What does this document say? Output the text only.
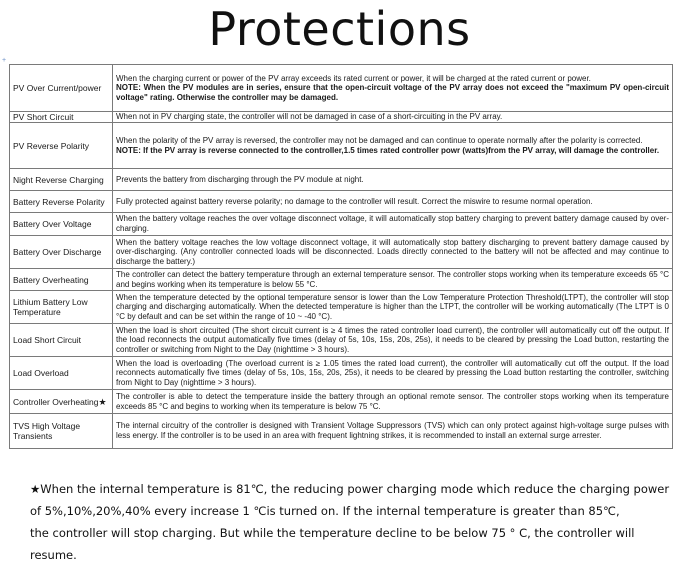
Protections
+
PV Over Current/power	When the charging current or power of the PV array exceeds its rated current or power, it will be charged at the rated current or power.
NOTE: When the PV modules are in series, ensure that the open-circuit voltage of the PV array does not exceed the "maximum PV open-circuit voltage" rating. Otherwise the controller may be damaged.

PV Short Circuit	When not in PV charging state, the controller will not be damaged in case of a short-circuiting in the PV array.
PV Reverse Polarity	When the polarity of the PV array is reversed, the controller may not be damaged and can continue to operate normally after the polarity is corrected.
NOTE: If the PV array is reverse connected to the controller,1.5 times rated controller powr (watts)from the PV array, will damage the controller.

Night Reverse Charging	Prevents the battery from discharging through the PV module at night.
Battery Reverse Polarity	Fully protected against battery reverse polarity; no damage to the controller will result. Correct the miswire to resume normal operation.
Battery Over Voltage	When the battery voltage reaches the over voltage disconnect voltage, it will automatically stop battery charging to prevent battery damage caused by over-charging.
Battery Over Discharge	When the battery voltage reaches the low voltage disconnect voltage, it will automatically stop battery discharging to prevent battery damage caused by over-discharging. (Any controller connected loads will be disconnected. Loads directly connected to the battery will not be affected and may continue to discharge the battery.)
Battery Overheating	The controller can detect the battery temperature through an external temperature sensor. The controller stops working when its temperature exceeds 65 °C and begins working when its temperature is below 55 °C.
Lithium Battery Low Temperature	When the temperature detected by the optional temperature sensor is lower than the Low Temperature Protection Threshold(LTPT), the controller will stop charging and discharging automatically. When the detected temperature is higher than the LTPT, the controller will be working automatically (The LTPT is 0 °C by default and can be set within the range of 10 ~ -40 °C).
Load Short Circuit	When the load is short circuited (The short circuit current is ≥ 4 times the rated controller load current), the controller will automatically cut off the output. If the load reconnects the output automatically five times (delay of 5s, 10s, 15s, 20s, 25s), it needs to be cleared by pressing the Load button, restarting the controller or switching from Night to the Day (nighttime > 3 hours).
Load Overload	When the load is overloading (The overload current is ≥ 1.05 times the rated load current), the controller will automatically cut off the output. If the load reconnects automatically five times (delay of 5s, 10s, 15s, 20s, 25s), it needs to be cleared by pressing the Load button restarting the controller, switching from Night to Day (nighttime > 3 hours).
Controller Overheating★	The controller is able to detect the temperature inside the battery through an optional remote sensor. The controller stops working when its temperature exceeds 85 °C and begins to working when its temperature is below 75 °C.
TVS High Voltage Transients	The internal circuitry of the controller is designed with Transient Voltage Suppressors (TVS) which can only protect against high-voltage surge pulses with less energy. If the controller is to be used in an area with frequent lightning strikes, it is recommended to install an external surge arrester.
★When the internal temperature is 81℃, the reducing power charging mode which reduce the charging power
of 5%,10%,20%,40% every increase 1 ℃is turned on. If the internal temperature is greater than 85℃,
the controller will stop charging. But while the temperature decline to be below 75 ° C, the controller will resume.
